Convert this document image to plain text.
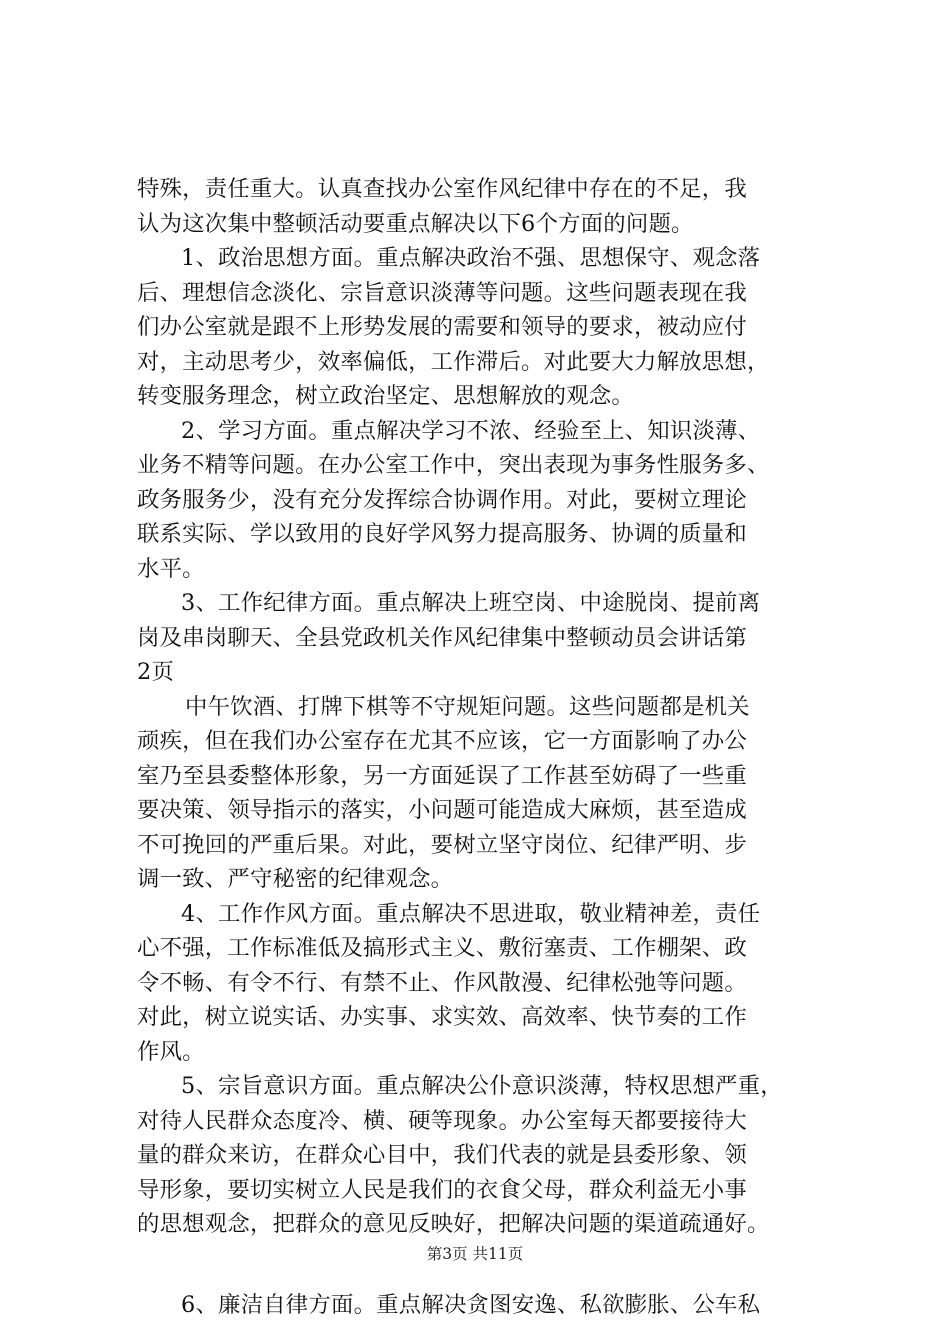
特殊，责任重大。认真查找办公室作风纪律中存在的不足，我
认为这次集中整顿活动要重点解决以下6个方面的问题。
1、政治思想方面。重点解决政治不强、思想保守、观念落
后、理想信念淡化、宗旨意识淡薄等问题。这些问题表现在我
们办公室就是跟不上形势发展的需要和领导的要求，被动应付
对，主动思考少，效率偏低，工作滞后。对此要大力解放思想，
转变服务理念，树立政治坚定、思想解放的观念。
2、学习方面。重点解决学习不浓、经验至上、知识淡薄、
业务不精等问题。在办公室工作中，突出表现为事务性服务多、
政务服务少，没有充分发挥综合协调作用。对此，要树立理论
联系实际、学以致用的良好学风努力提高服务、协调的质量和
水平。
3、工作纪律方面。重点解决上班空岗、中途脱岗、提前离
岗及串岗聊天、全县党政机关作风纪律集中整顿动员会讲话第
2页
中午饮酒、打牌下棋等不守规矩问题。这些问题都是机关
顽疾，但在我们办公室存在尤其不应该，它一方面影响了办公
室乃至县委整体形象，另一方面延误了工作甚至妨碍了一些重
要决策、领导指示的落实，小问题可能造成大麻烦，甚至造成
不可挽回的严重后果。对此，要树立坚守岗位、纪律严明、步
调一致、严守秘密的纪律观念。
4、工作作风方面。重点解决不思进取，敬业精神差，责任
心不强，工作标准低及搞形式主义、敷衍塞责、工作棚架、政
令不畅、有令不行、有禁不止、作风散漫、纪律松弛等问题。
对此，树立说实话、办实事、求实效、高效率、快节奏的工作
作风。
5、宗旨意识方面。重点解决公仆意识淡薄，特权思想严重，
对待人民群众态度冷、横、硬等现象。办公室每天都要接待大
量的群众来访，在群众心目中，我们代表的就是县委形象、领
导形象，要切实树立人民是我们的衣食父母，群众利益无小事
的思想观念，把群众的意见反映好，把解决问题的渠道疏通好。
6、廉洁自律方面。重点解决贪图安逸、私欲膨胀、公车私
第3页 共11页
